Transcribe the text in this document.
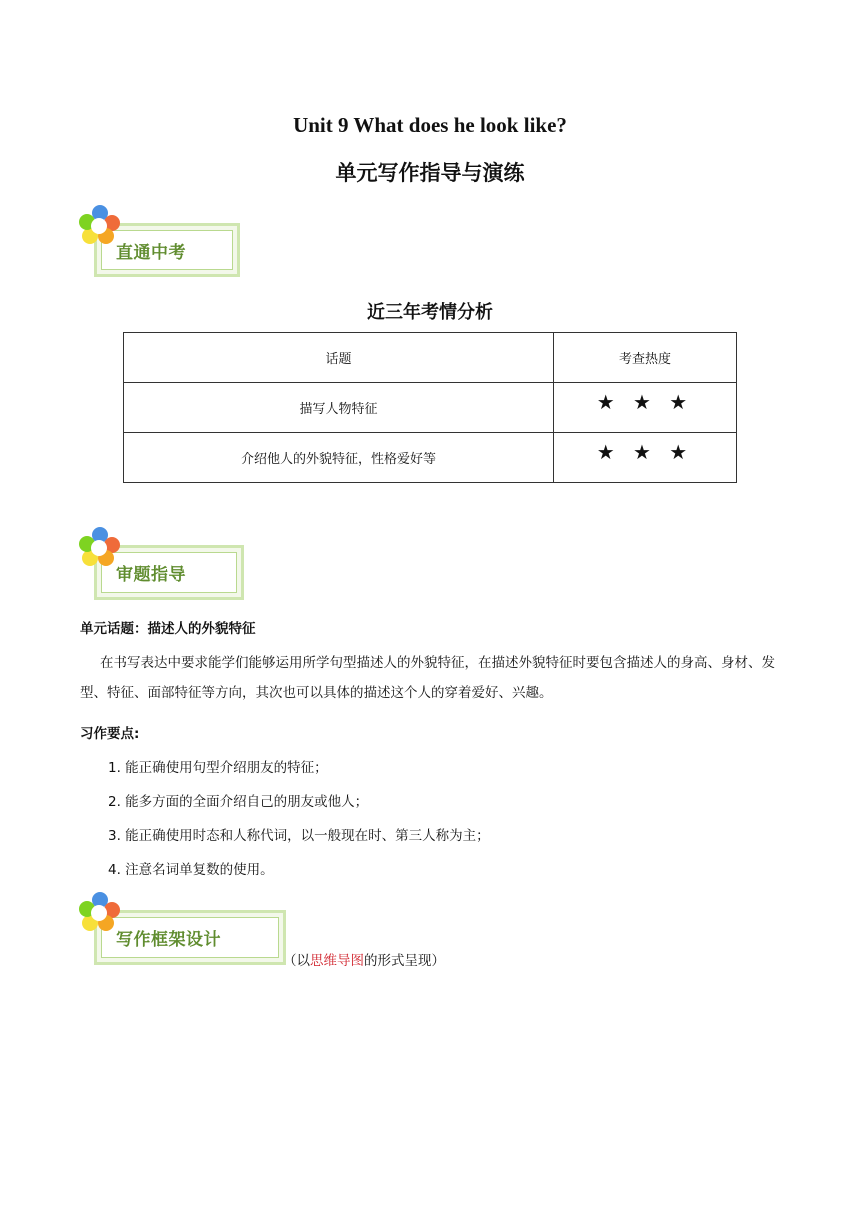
Unit 9 What does he look like?
单元写作指导与演练
直通中考
近三年考情分析
话题	考查热度
描写人物特征	★ ★ ★
介绍他人的外貌特征，性格爱好等	★ ★ ★
审题指导
单元话题：描述人的外貌特征
在书写表达中要求能学们能够运用所学句型描述人的外貌特征，在描述外貌特征时要包含描述人的身高、身材、发型、特征、面部特征等方向，其次也可以具体的描述这个人的穿着爱好、兴趣。
习作要点:
1. 能正确使用句型介绍朋友的特征；
2. 能多方面的全面介绍自己的朋友或他人；
3. 能正确使用时态和人称代词，以一般现在时、第三人称为主；
4. 注意名词单复数的使用。
写作框架设计
（以思维导图的形式呈现）
